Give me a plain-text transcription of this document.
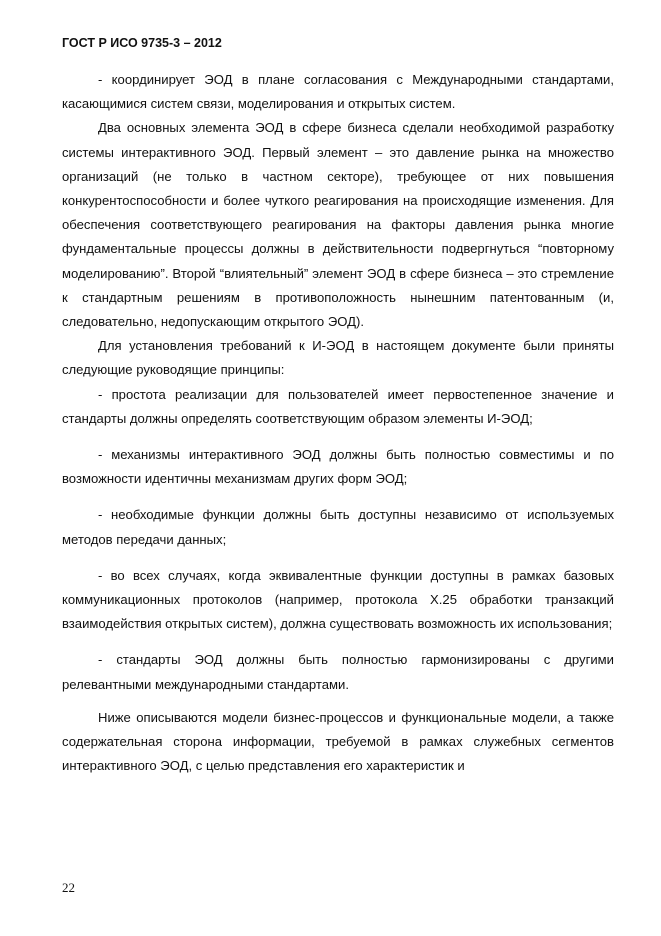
ГОСТ Р ИСО 9735-3 – 2012

- координирует ЭОД в плане согласования с Международными стандартами, касающимися систем связи, моделирования и открытых систем.

Два основных элемента ЭОД в сфере бизнеса сделали необходимой разработку системы интерактивного ЭОД. Первый элемент – это давление рынка на множество организаций (не только в частном секторе), требующее от них повышения конкурентоспособности и более чуткого реагирования на происходящие изменения. Для обеспечения соответствующего реагирования на факторы давления рынка многие фундаментальные процессы должны в действительности подвергнуться “повторному моделированию”. Второй “влиятельный” элемент ЭОД в сфере бизнеса – это стремление к стандартным решениям в противоположность нынешним патентованным (и, следовательно, недопускающим открытого ЭОД).

Для установления требований к И-ЭОД в настоящем документе были приняты следующие руководящие принципы:

- простота реализации для пользователей имеет первостепенное значение и стандарты должны определять соответствующим образом элементы И-ЭОД;

- механизмы интерактивного ЭОД должны быть полностью совместимы и по возможности идентичны механизмам других форм ЭОД;

- необходимые функции должны быть доступны независимо от используемых методов передачи данных;

- во всех случаях, когда эквивалентные функции доступны в рамках базовых коммуникационных протоколов (например, протокола X.25 обработки транзакций взаимодействия открытых систем), должна существовать возможность их использования;

- стандарты ЭОД должны быть полностью гармонизированы с другими релевантными международными стандартами.

Ниже описываются модели бизнес-процессов и функциональные модели, а также содержательная сторона информации, требуемой в рамках служебных сегментов интерактивного ЭОД, с целью представления его характеристик и

22
